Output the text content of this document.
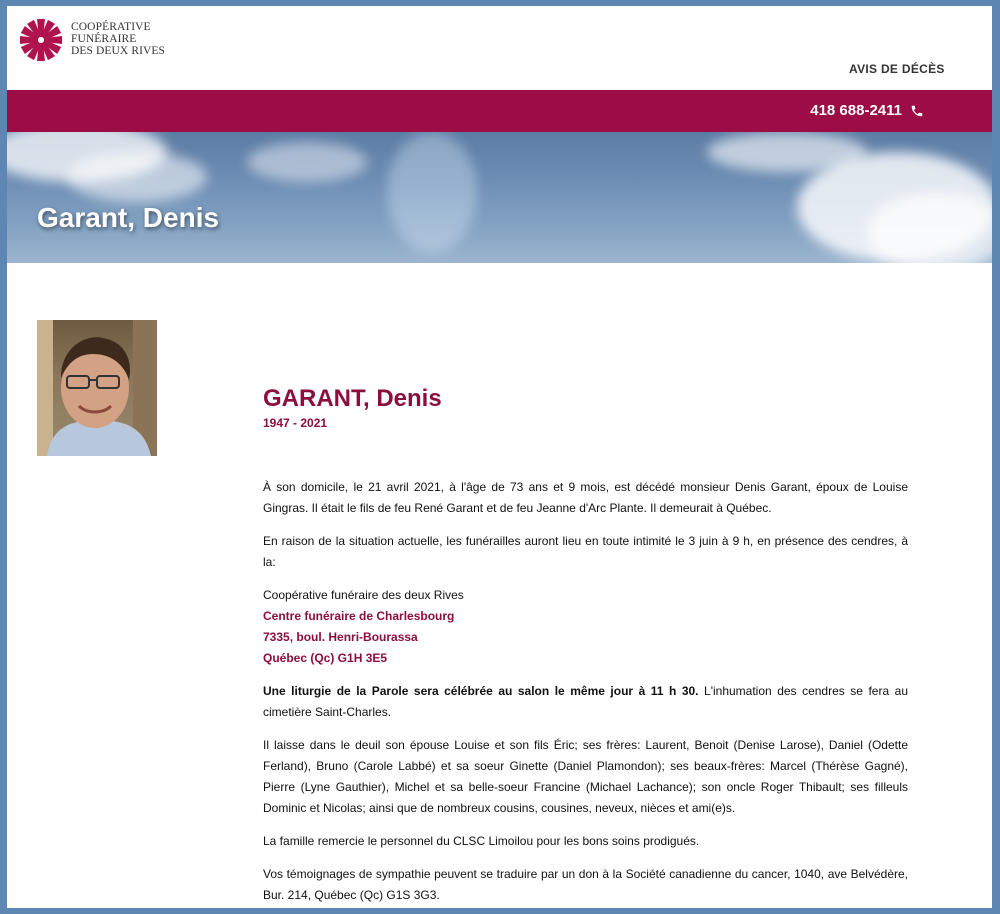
COOPÉRATIVE
FUNÉRAIRE
DES DEUX RIVES
AVIS DE DÉCÈS
418 688-2411
Garant, Denis
GARANT, Denis
1947 - 2021

À son domicile, le 21 avril 2021, à l'âge de 73 ans et 9 mois, est décédé monsieur Denis Garant, époux de Louise Gingras. Il était le fils de feu René Garant et de feu Jeanne d'Arc Plante. Il demeurait à Québec.

En raison de la situation actuelle, les funérailles auront lieu en toute intimité le 3 juin à 9 h, en présence des cendres, à la:

Coopérative funéraire des deux Rives
Centre funéraire de Charlesbourg
7335, boul. Henri-Bourassa
Québec (Qc) G1H 3E5

Une liturgie de la Parole sera célébrée au salon le même jour à 11 h 30. L'inhumation des cendres se fera au cimetière Saint-Charles.

Il laisse dans le deuil son épouse Louise et son fils Éric; ses frères: Laurent, Benoit (Denise Larose), Daniel (Odette Ferland), Bruno (Carole Labbé) et sa soeur Ginette (Daniel Plamondon); ses beaux-frères: Marcel (Thérèse Gagné), Pierre (Lyne Gauthier), Michel et sa belle-soeur Francine (Michael Lachance); son oncle Roger Thibault; ses filleuls Dominic et Nicolas; ainsi que de nombreux cousins, cousines, neveux, nièces et ami(e)s.

La famille remercie le personnel du CLSC Limoilou pour les bons soins prodigués.

Vos témoignages de sympathie peuvent se traduire par un don à la Société canadienne du cancer, 1040, ave Belvédère, Bur. 214, Québec (Qc) G1S 3G3.
